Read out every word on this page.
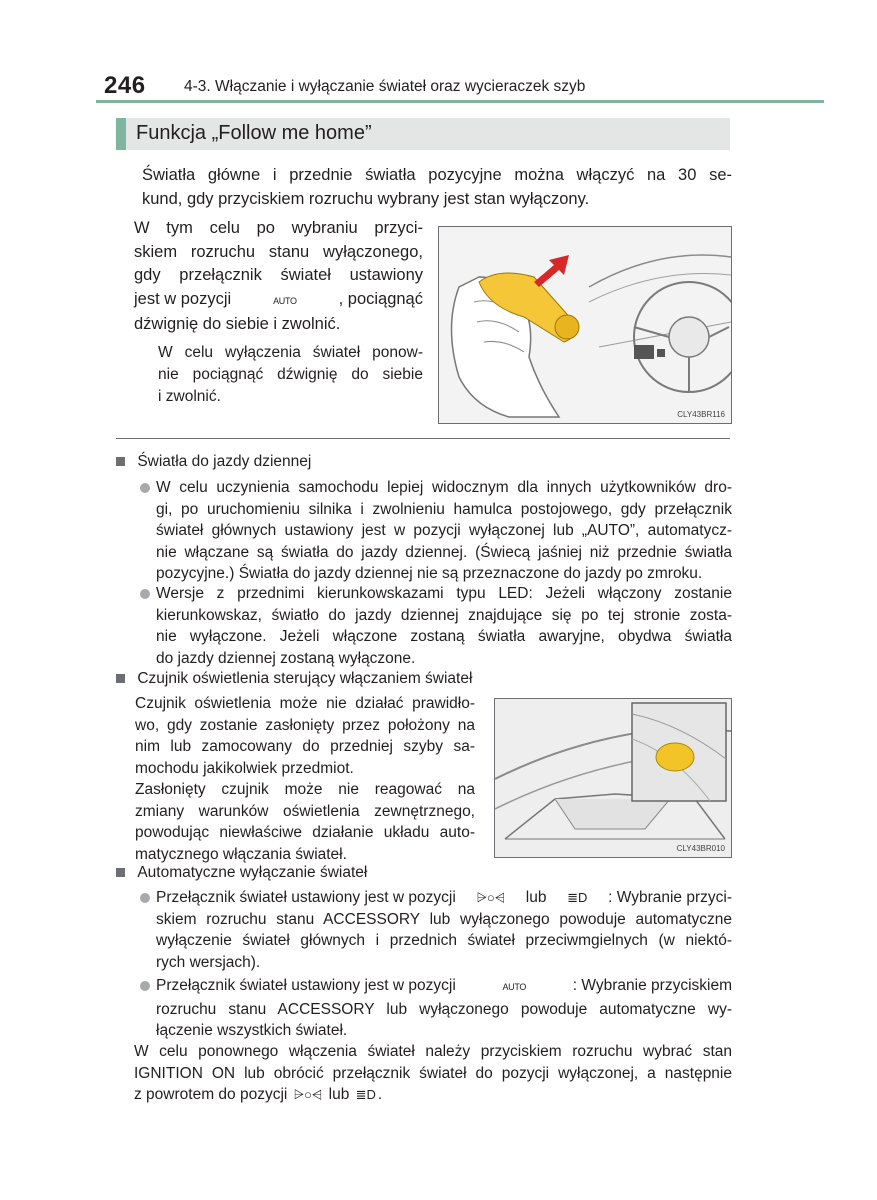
246 4-3. Włączanie i wyłączanie świateł oraz wycieraczek szyb
Funkcja „Follow me home”
Światła główne i przednie światła pozycyjne można włączyć na 30 se-
kund, gdy przyciskiem rozruchu wybrany jest stan wyłączony.
W tym celu po wybraniu przyci-
skiem rozruchu stanu wyłączonego,
gdy przełącznik świateł ustawiony
jest w pozycji	AUTO	, pociągnąć
dźwignię do siebie i zwolnić.
W celu wyłączenia świateł ponow-
nie pociągnąć dźwignię do siebie
i zwolnić.
CLY43BR116
Światła do jazdy dziennej
W celu uczynienia samochodu lepiej widocznym dla innych użytkowników dro-
gi, po uruchomieniu silnika i zwolnieniu hamulca postojowego, gdy przełącznik
świateł głównych ustawiony jest w pozycji wyłączonej lub „AUTO”, automatycz-
nie włączane są światła do jazdy dziennej. (Świecą jaśniej niż przednie światła
pozycyjne.) Światła do jazdy dziennej nie są przeznaczone do jazdy po zmroku.
Wersje z przednimi kierunkowskazami typu LED: Jeżeli włączony zostanie
kierunkowskaz, światło do jazdy dziennej znajdujące się po tej stronie zosta-
nie wyłączone. Jeżeli włączone zostaną światła awaryjne, obydwa światła
do jazdy dziennej zostaną wyłączone.
Czujnik oświetlenia sterujący włączaniem świateł
Czujnik oświetlenia może nie działać prawidło-
wo, gdy zostanie zasłonięty przez położony na
nim lub zamocowany do przedniej szyby sa-
mochodu jakikolwiek przedmiot.
Zasłonięty czujnik może nie reagować na
zmiany warunków oświetlenia zewnętrznego,
powodując niewłaściwe działanie układu auto-
matycznego włączania świateł.	CLY43BR010
Automatyczne wyłączanie świateł
Przełącznik świateł ustawiony jest w pozycji ⩥○⩤ lub ≣D : Wybranie przyci-
skiem rozruchu stanu ACCESSORY lub wyłączonego powoduje automatyczne
wyłączenie świateł głównych i przednich świateł przeciwmgielnych (w niektó-
rych wersjach).
Przełącznik świateł ustawiony jest w pozycji	AUTO	: Wybranie przyciskiem
rozruchu stanu ACCESSORY lub wyłączonego powoduje automatyczne wy-
łączenie wszystkich świateł.
W celu ponownego włączenia świateł należy przyciskiem rozruchu wybrać stan
IGNITION ON lub obrócić przełącznik świateł do pozycji wyłączonej, a następnie
z powrotem do pozycji ⩥○⩤ lub ≣D .
